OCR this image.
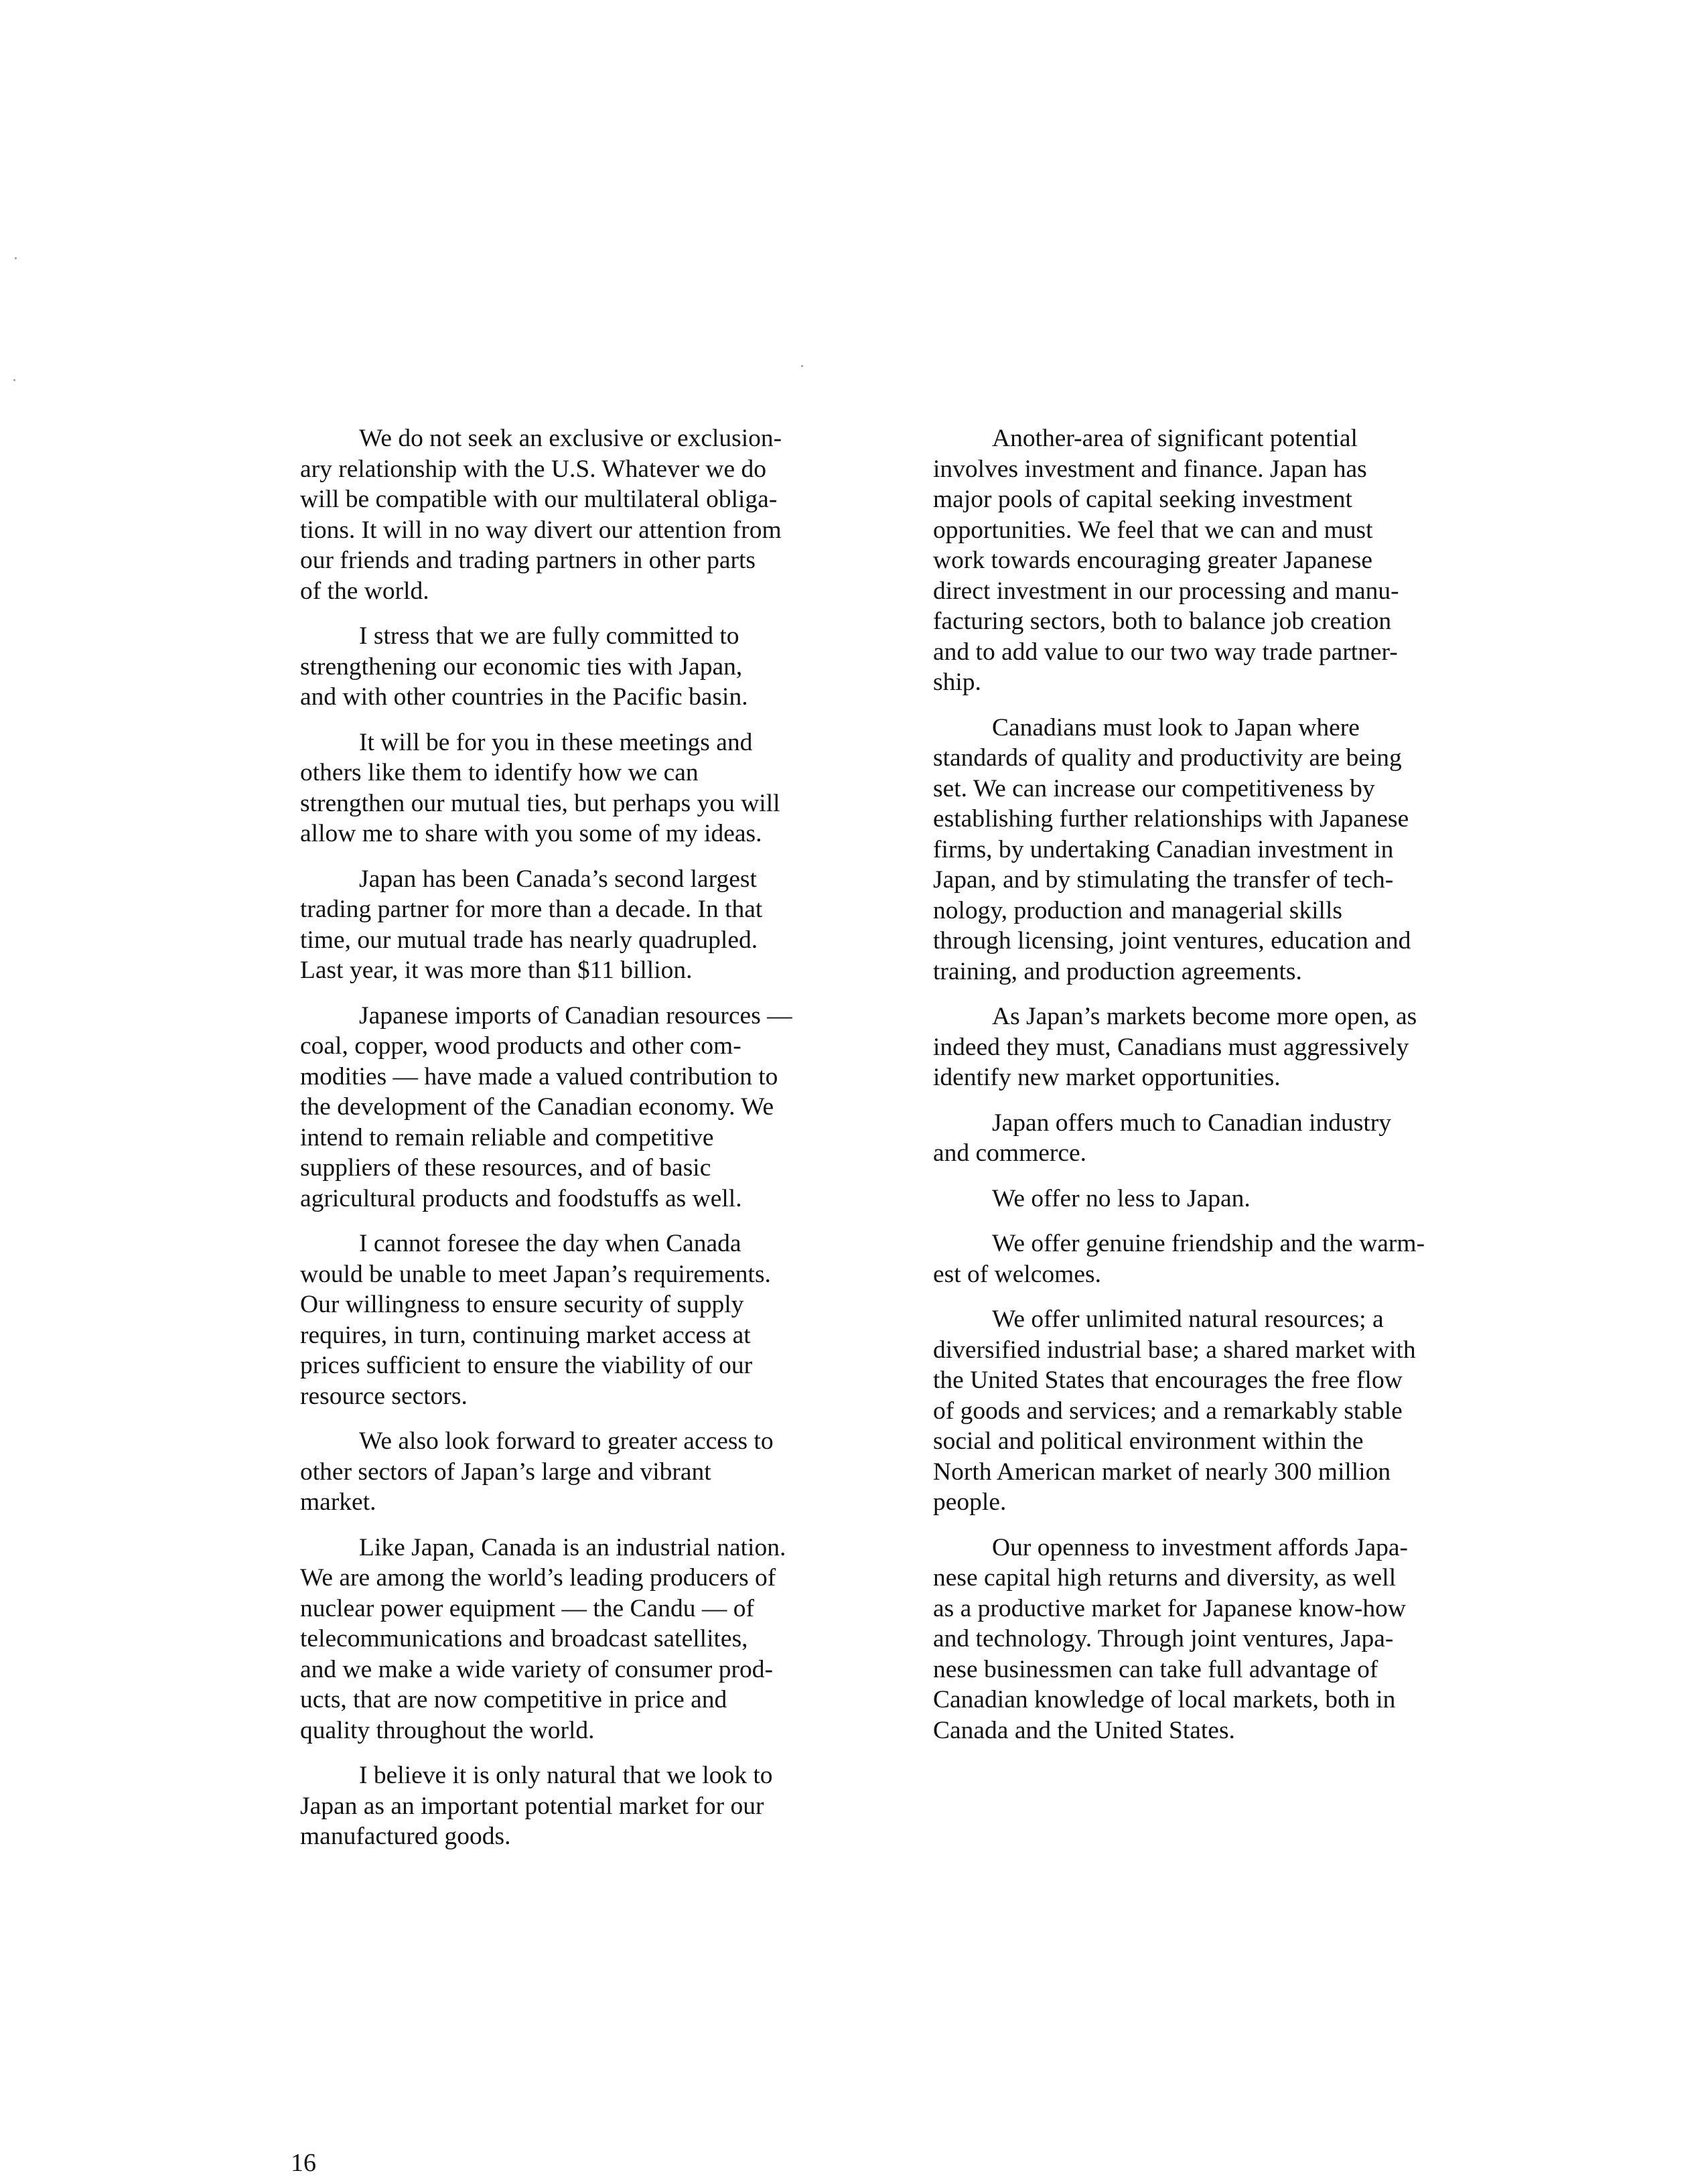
We do not seek an exclusive or exclusion-
ary relationship with the U.S. Whatever we do
will be compatible with our multilateral obliga-
tions. It will in no way divert our attention from
our friends and trading partners in other parts
of the world.

I stress that we are fully committed to
strengthening our economic ties with Japan,
and with other countries in the Pacific basin.

It will be for you in these meetings and
others like them to identify how we can
strengthen our mutual ties, but perhaps you will
allow me to share with you some of my ideas.

Japan has been Canada’s second largest
trading partner for more than a decade. In that
time, our mutual trade has nearly quadrupled.
Last year, it was more than $11 billion.

Japanese imports of Canadian resources —
coal, copper, wood products and other com-
modities — have made a valued contribution to
the development of the Canadian economy. We
intend to remain reliable and competitive
suppliers of these resources, and of basic
agricultural products and foodstuffs as well.

I cannot foresee the day when Canada
would be unable to meet Japan’s requirements.
Our willingness to ensure security of supply
requires, in turn, continuing market access at
prices sufficient to ensure the viability of our
resource sectors.

We also look forward to greater access to
other sectors of Japan’s large and vibrant
market.

Like Japan, Canada is an industrial nation.
We are among the world’s leading producers of
nuclear power equipment — the Candu — of
telecommunications and broadcast satellites,
and we make a wide variety of consumer prod-
ucts, that are now competitive in price and
quality throughout the world.

I believe it is only natural that we look to
Japan as an important potential market for our
manufactured goods.

Another-area of significant potential
involves investment and finance. Japan has
major pools of capital seeking investment
opportunities. We feel that we can and must
work towards encouraging greater Japanese
direct investment in our processing and manu-
facturing sectors, both to balance job creation
and to add value to our two way trade partner-
ship.

Canadians must look to Japan where
standards of quality and productivity are being
set. We can increase our competitiveness by
establishing further relationships with Japanese
firms, by undertaking Canadian investment in
Japan, and by stimulating the transfer of tech-
nology, production and managerial skills
through licensing, joint ventures, education and
training, and production agreements.

As Japan’s markets become more open, as
indeed they must, Canadians must aggressively
identify new market opportunities.

Japan offers much to Canadian industry
and commerce.

We offer no less to Japan.

We offer genuine friendship and the warm-
est of welcomes.

We offer unlimited natural resources; a
diversified industrial base; a shared market with
the United States that encourages the free flow
of goods and services; and a remarkably stable
social and political environment within the
North American market of nearly 300 million
people.

Our openness to investment affords Japa-
nese capital high returns and diversity, as well
as a productive market for Japanese know-how
and technology. Through joint ventures, Japa-
nese businessmen can take full advantage of
Canadian knowledge of local markets, both in
Canada and the United States.

16
